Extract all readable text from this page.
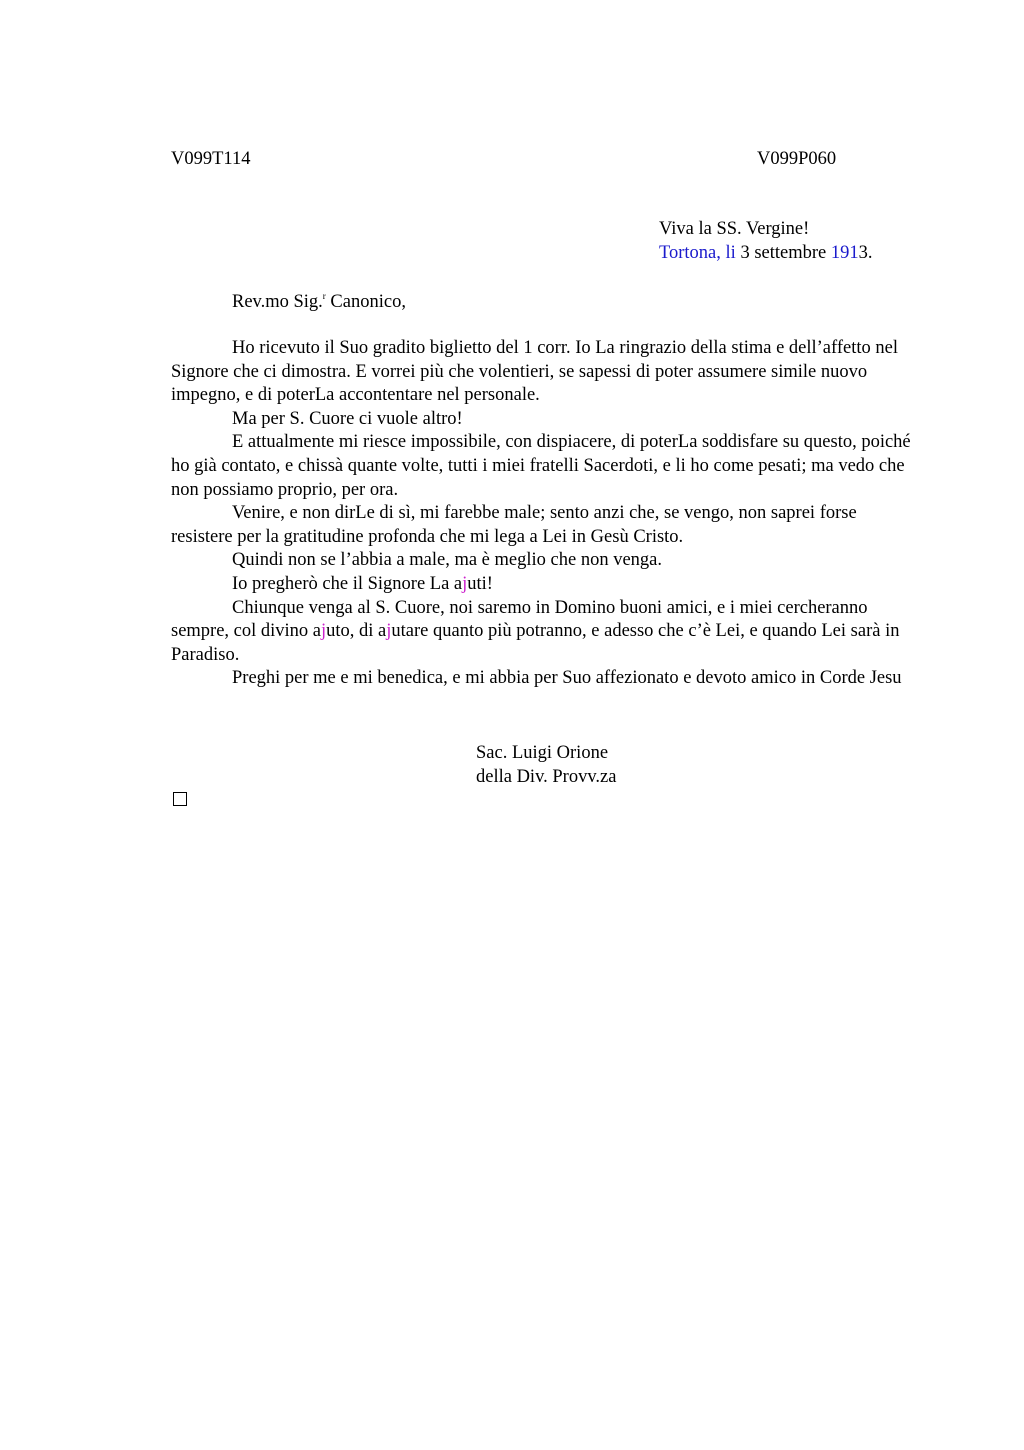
V099T114	V099P060
Viva la SS. Vergine!
Tortona, li 3 settembre 1913.
Rev.mo Sig.$^r$ Canonico,

Ho ricevuto il Suo gradito biglietto del 1 corr. Io La ringrazio della stima e dell’affetto nel Signore che ci dimostra. E vorrei più che volentieri, se sapessi di poter assumere simile nuovo impegno, e di poterLa accontentare nel personale.

Ma per S. Cuore ci vuole altro!

E attualmente mi riesce impossibile, con dispiacere, di poterLa soddisfare su questo, poiché ho già contato, e chissà quante volte, tutti i miei fratelli Sacerdoti, e li ho come pesati; ma vedo che non possiamo proprio, per ora.

Venire, e non dirLe di sì, mi farebbe male; sento anzi che, se vengo, non saprei forse resistere per la gratitudine profonda che mi lega a Lei in Gesù Cristo.

Quindi non se l’abbia a male, ma è meglio che non venga.

Io pregherò che il Signore La ajuti!

Chiunque venga al S. Cuore, noi saremo in Domino buoni amici, e i miei cercheranno sempre, col divino ajuto, di ajutare quanto più potranno, e adesso che c’è Lei, e quando Lei sarà in Paradiso.

Preghi per me e mi benedica, e mi abbia per Suo affezionato e devoto amico in Corde Jesu

Sac. Luigi Orione
della Div. Provv.za
